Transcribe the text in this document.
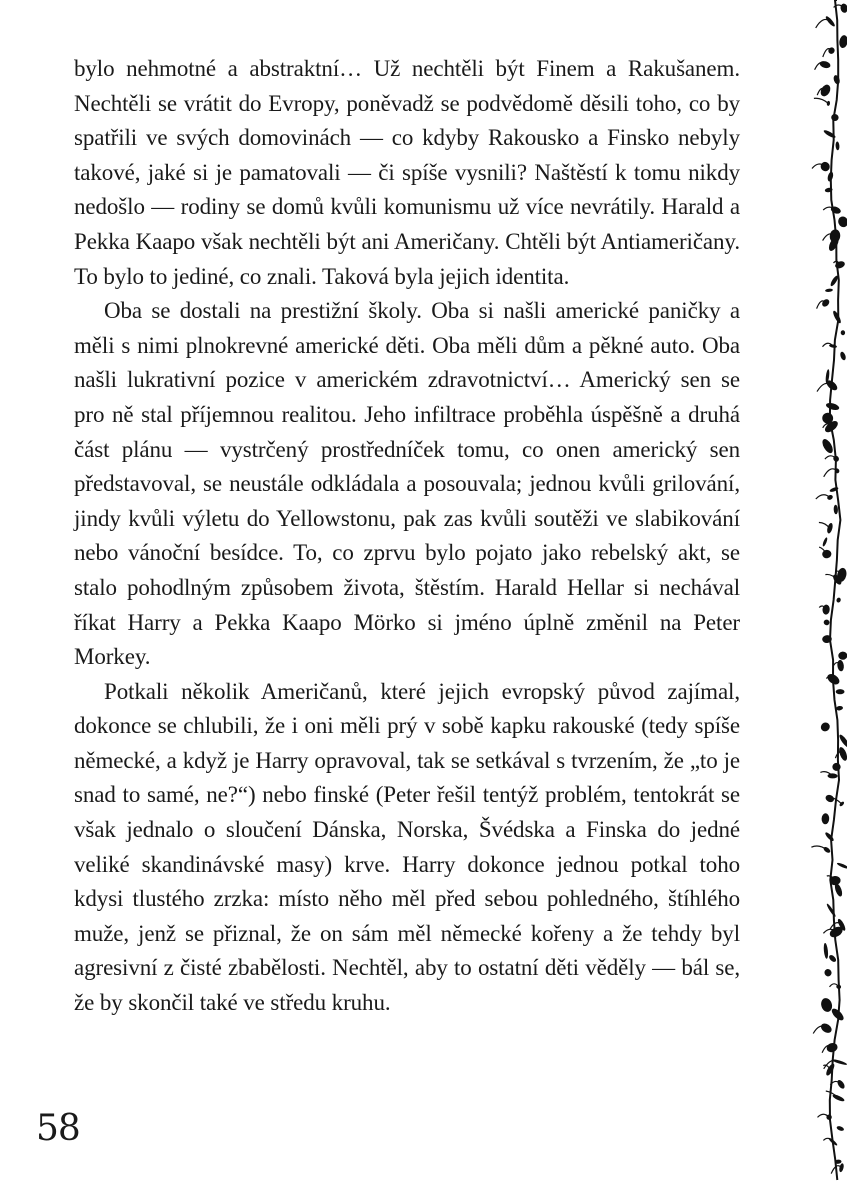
bylo nehmotné a abstraktní… Už nechtěli být Finem a Rakušanem. Nechtěli se vrátit do Evropy, poněvadž se podvědomě děsili toho, co by spatřili ve svých domovinách — co kdyby Rakousko a Finsko nebyly takové, jaké si je pamatovali — či spíše vysnili? Naštěstí k tomu nikdy nedošlo — rodiny se domů kvůli komunismu už více nevrátily. Harald a Pekka Kaapo však nechtěli být ani Američany. Chtěli být Antiameričany. To bylo to jediné, co znali. Taková byla jejich identita.

Oba se dostali na prestižní školy. Oba si našli americké paničky a měli s nimi plnokrevné americké děti. Oba měli dům a pěkné auto. Oba našli lukrativní pozice v americkém zdravotnictví… Americký sen se pro ně stal příjemnou realitou. Jeho infiltrace proběhla úspěšně a druhá část plánu — vystrčený prostředníček tomu, co onen americký sen představoval, se neustále odkládala a posouvala; jednou kvůli grilování, jindy kvůli výletu do Yellowstonu, pak zas kvůli soutěži ve slabikování nebo vánoční besídce. To, co zprvu bylo pojato jako rebelský akt, se stalo pohodlným způsobem života, štěstím. Harald Hellar si nechával říkat Harry a Pekka Kaapo Mörko si jméno úplně změnil na Peter Morkey.

Potkali několik Američanů, které jejich evropský původ zajímal, dokonce se chlubili, že i oni měli prý v sobě kapku rakouské (tedy spíše německé, a když je Harry opravoval, tak se setkával s tvrzením, že „to je snad to samé, ne?“) nebo finské (Peter řešil tentýž problém, tentokrát se však jednalo o sloučení Dánska, Norska, Švédska a Finska do jedné veliké skandinávské masy) krve. Harry dokonce jednou potkal toho kdysi tlustého zrzka: místo něho měl před sebou pohledného, štíhlého muže, jenž se přiznal, že on sám měl německé kořeny a že tehdy byl agresivní z čisté zbabělosti. Nechtěl, aby to ostatní děti věděly — bál se, že by skončil také ve středu kruhu.

58
